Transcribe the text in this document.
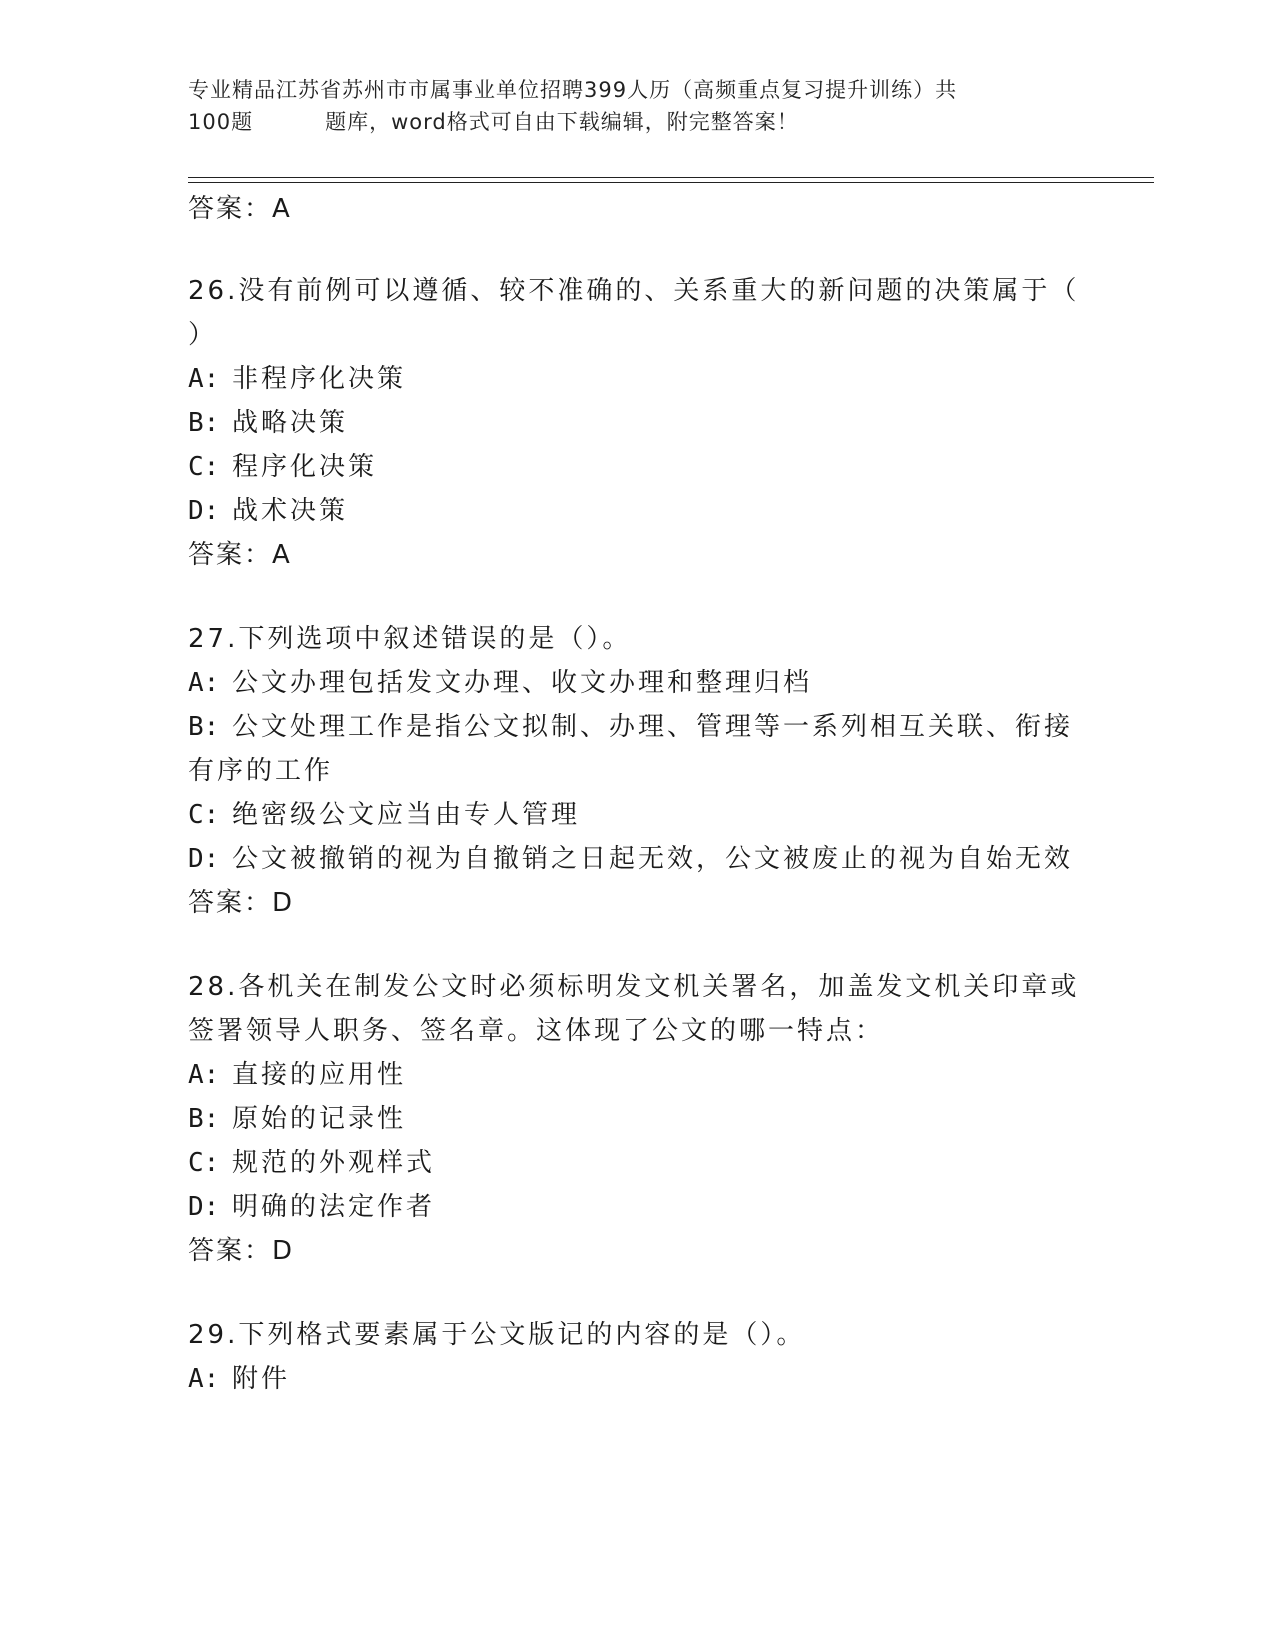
专业精品江苏省苏州市市属事业单位招聘399人历（高频重点复习提升训练）共
100题	题库，word格式可自由下载编辑，附完整答案！
答案：A
26.没有前例可以遵循、较不准确的、关系重大的新问题的决策属于（
）
A: 非程序化决策
B: 战略决策
C: 程序化决策
D: 战术决策
答案：A
27.下列选项中叙述错误的是（）。
A: 公文办理包括发文办理、收文办理和整理归档
B: 公文处理工作是指公文拟制、办理、管理等一系列相互关联、衔接
有序的工作
C: 绝密级公文应当由专人管理
D: 公文被撤销的视为自撤销之日起无效，公文被废止的视为自始无效
答案：D
28.各机关在制发公文时必须标明发文机关署名，加盖发文机关印章或
签署领导人职务、签名章。这体现了公文的哪一特点：
A: 直接的应用性
B: 原始的记录性
C: 规范的外观样式
D: 明确的法定作者
答案：D
29.下列格式要素属于公文版记的内容的是（）。
A: 附件
